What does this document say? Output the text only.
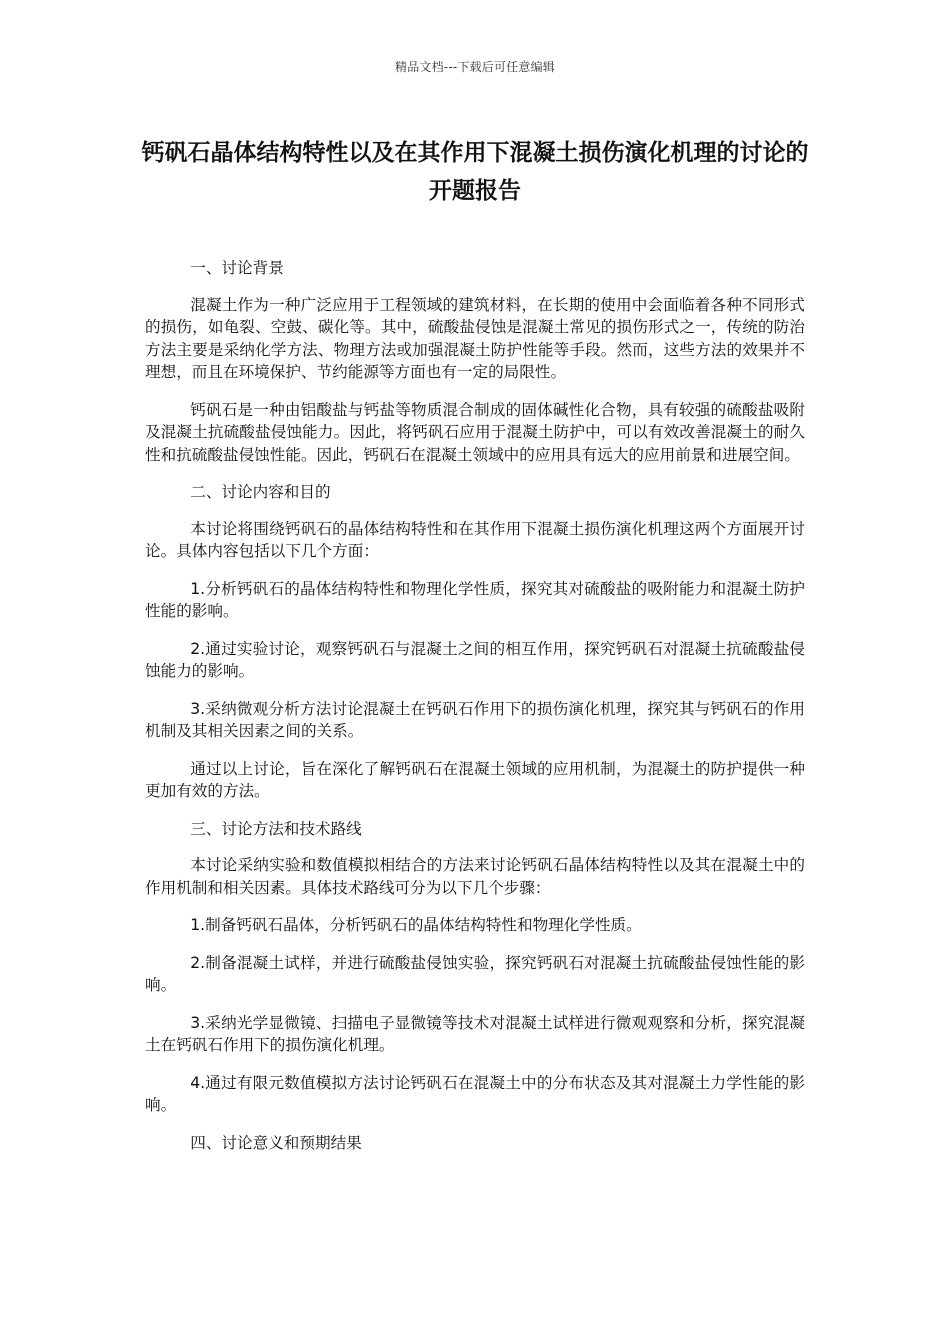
精品文档---下载后可任意编辑
钙矾石晶体结构特性以及在其作用下混凝土损伤演化机理的讨论的开题报告

一、讨论背景

混凝土作为一种广泛应用于工程领域的建筑材料，在长期的使用中会面临着各种不同形式的损伤，如龟裂、空鼓、碳化等。其中，硫酸盐侵蚀是混凝土常见的损伤形式之一，传统的防治方法主要是采纳化学方法、物理方法或加强混凝土防护性能等手段。然而，这些方法的效果并不理想，而且在环境保护、节约能源等方面也有一定的局限性。

钙矾石是一种由铝酸盐与钙盐等物质混合制成的固体碱性化合物，具有较强的硫酸盐吸附及混凝土抗硫酸盐侵蚀能力。因此，将钙矾石应用于混凝土防护中，可以有效改善混凝土的耐久性和抗硫酸盐侵蚀性能。因此，钙矾石在混凝土领域中的应用具有远大的应用前景和进展空间。

二、讨论内容和目的

本讨论将围绕钙矾石的晶体结构特性和在其作用下混凝土损伤演化机理这两个方面展开讨论。具体内容包括以下几个方面：

1.分析钙矾石的晶体结构特性和物理化学性质，探究其对硫酸盐的吸附能力和混凝土防护性能的影响。

2.通过实验讨论，观察钙矾石与混凝土之间的相互作用，探究钙矾石对混凝土抗硫酸盐侵蚀能力的影响。

3.采纳微观分析方法讨论混凝土在钙矾石作用下的损伤演化机理，探究其与钙矾石的作用机制及其相关因素之间的关系。

通过以上讨论，旨在深化了解钙矾石在混凝土领域的应用机制，为混凝土的防护提供一种更加有效的方法。

三、讨论方法和技术路线

本讨论采纳实验和数值模拟相结合的方法来讨论钙矾石晶体结构特性以及其在混凝土中的作用机制和相关因素。具体技术路线可分为以下几个步骤：

1.制备钙矾石晶体，分析钙矾石的晶体结构特性和物理化学性质。

2.制备混凝土试样，并进行硫酸盐侵蚀实验，探究钙矾石对混凝土抗硫酸盐侵蚀性能的影响。

3.采纳光学显微镜、扫描电子显微镜等技术对混凝土试样进行微观观察和分析，探究混凝土在钙矾石作用下的损伤演化机理。

4.通过有限元数值模拟方法讨论钙矾石在混凝土中的分布状态及其对混凝土力学性能的影响。

四、讨论意义和预期结果
